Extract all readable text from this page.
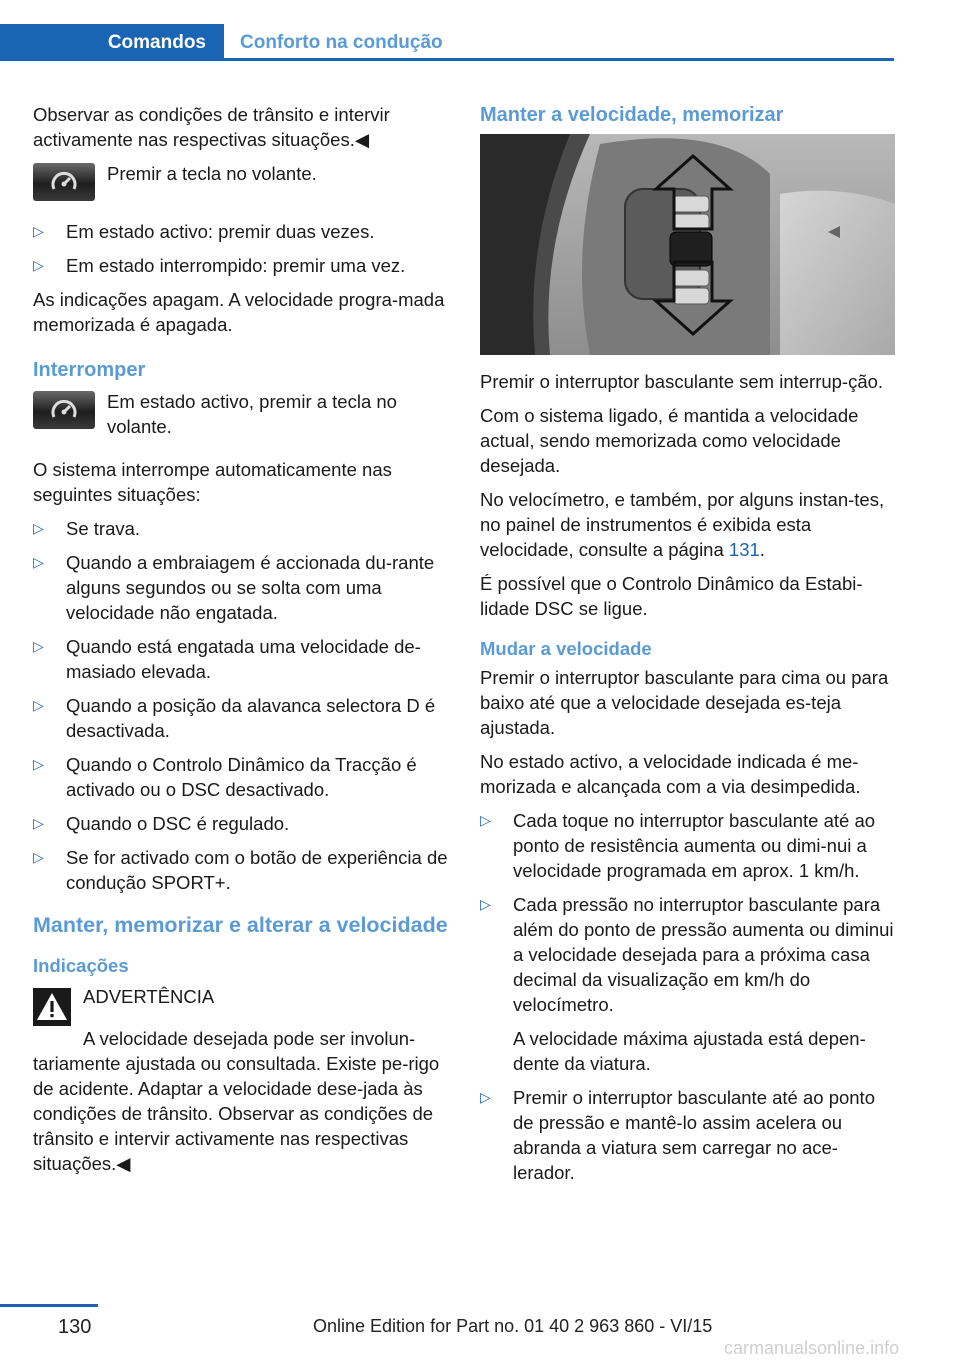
Comandos	Conforto na condução

Observar as condições de trânsito e intervir activamente nas respectivas situações.◀

Premir a tecla no volante.
▷ Em estado activo: premir duas vezes.
▷ Em estado interrompido: premir uma vez.

As indicações apagam. A velocidade progra-mada memorizada é apagada.

Interromper
Em estado activo, premir a tecla no volante.

O sistema interrompe automaticamente nas seguintes situações:

▷ Se trava.
▷ Quando a embraiagem é accionada du-rante alguns segundos ou se solta com uma velocidade não engatada.
▷ Quando está engatada uma velocidade de-masiado elevada.
▷ Quando a posição da alavanca selectora D é desactivada.
▷ Quando o Controlo Dinâmico da Tracção é activado ou o DSC desactivado.
▷ Quando o DSC é regulado.
▷ Se for activado com o botão de experiência de condução SPORT+.
Manter, memorizar e alterar a velocidade
Indicações
ADVERTÊNCIA
A velocidade desejada pode ser involun-tariamente ajustada ou consultada. Existe pe-rigo de acidente. Adaptar a velocidade dese-jada às condições de trânsito. Observar as condições de trânsito e intervir activamente nas respectivas situações.◀
Manter a velocidade, memorizar

Premir o interruptor basculante sem interrup-ção.

Com o sistema ligado, é mantida a velocidade actual, sendo memorizada como velocidade desejada.

No velocímetro, e também, por alguns instan-tes, no painel de instrumentos é exibida esta velocidade, consulte a página 131.

É possível que o Controlo Dinâmico da Estabi-lidade DSC se ligue.

Mudar a velocidade

Premir o interruptor basculante para cima ou para baixo até que a velocidade desejada es-teja ajustada.

No estado activo, a velocidade indicada é me-morizada e alcançada com a via desimpedida.

▷ Cada toque no interruptor basculante até ao ponto de resistência aumenta ou dimi-nui a velocidade programada em aprox. 1 km/h.
▷ Cada pressão no interruptor basculante para além do ponto de pressão aumenta ou diminui a velocidade desejada para a próxima casa decimal da visualização em km/h do velocímetro.
A velocidade máxima ajustada está depen-dente da viatura.
▷ Premir o interruptor basculante até ao ponto de pressão e mantê-lo assim acelera ou abranda a viatura sem carregar no ace-lerador.
130	Online Edition for Part no. 01 40 2 963 860 - VI/15
carmanualsonline.info
